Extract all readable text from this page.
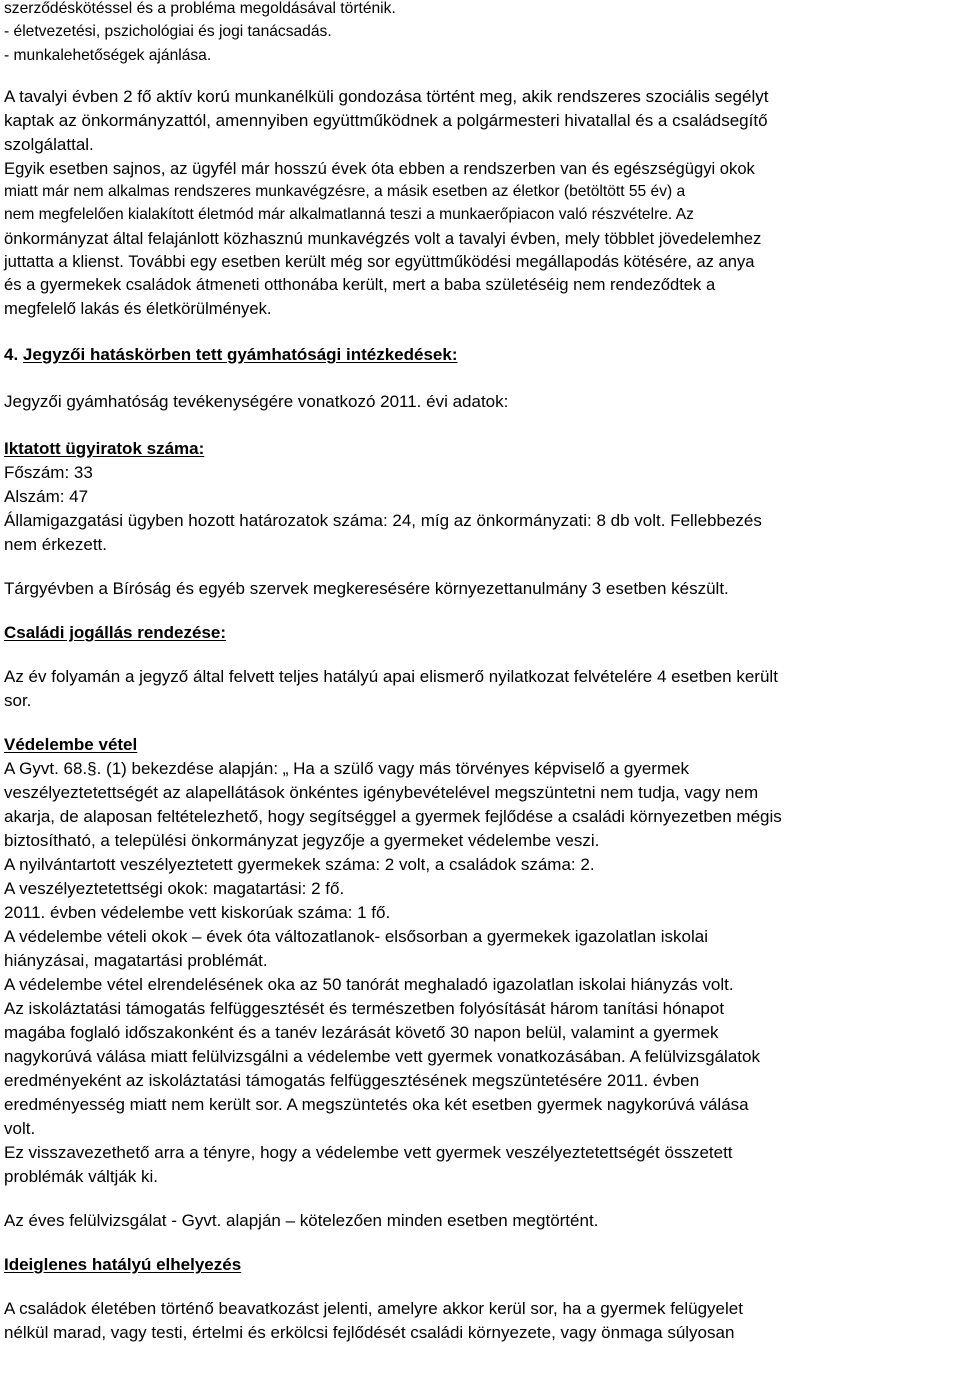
szerződéskötéssel és a probléma megoldásával történik.
- életvezetési, pszichológiai és jogi tanácsadás.
- munkalehetőségek ajánlása.
A tavalyi évben 2 fő aktív korú munkanélküli gondozása történt meg, akik rendszeres szociális segélyt
kaptak az önkormányzattól, amennyiben együttműködnek a polgármesteri hivatallal és a családsegítő
szolgálattal.
Egyik esetben sajnos, az ügyfél már hosszú évek óta ebben a rendszerben van és egészségügyi okok
miatt már nem alkalmas rendszeres munkavégzésre, a másik esetben az életkor (betöltött 55 év) a
nem megfelelően kialakított életmód már alkalmatlanná teszi a munkaerőpiacon való részvételre. Az
önkormányzat által felajánlott közhasznú munkavégzés volt a tavalyi évben, mely többlet jövedelemhez
juttatta a klienst. További egy esetben került még sor együttműködési megállapodás kötésére, az anya
és a gyermekek családok átmeneti otthonába került, mert a baba születéséig nem rendeződtek a
megfelelő lakás és életkörülmények.
4. Jegyzői hatáskörben tett gyámhatósági intézkedések:
Jegyzői gyámhatóság tevékenységére vonatkozó 2011. évi adatok:
Iktatott ügyiratok száma:
Főszám: 33
Alszám: 47
Államigazgatási ügyben hozott határozatok száma: 24, míg az önkormányzati: 8 db volt. Fellebbezés
nem érkezett.
Tárgyévben a Bíróság és egyéb szervek megkeresésére környezettanulmány 3 esetben készült.
Családi jogállás rendezése:
Az év folyamán a jegyző által felvett teljes hatályú apai elismerő nyilatkozat felvételére 4 esetben került
sor.
Védelembe vétel
A Gyvt. 68.§. (1) bekezdése alapján: „ Ha a szülő vagy más törvényes képviselő a gyermek
veszélyeztetettségét az alapellátások önkéntes igénybevételével megszüntetni nem tudja, vagy nem
akarja, de alaposan feltételezhető, hogy segítséggel a gyermek fejlődése a családi környezetben mégis
biztosítható, a települési önkormányzat jegyzője a gyermeket védelembe veszi.
A nyilvántartott veszélyeztetett gyermekek száma: 2 volt, a családok száma: 2.
A veszélyeztetettségi okok: magatartási: 2 fő.
2011. évben védelembe vett kiskorúak száma: 1 fő.
A védelembe vételi okok – évek óta változatlanok- elsősorban a gyermekek igazolatlan iskolai
hiányzásai, magatartási problémát.
A védelembe vétel elrendelésének oka az 50 tanórát meghaladó igazolatlan iskolai hiányzás volt.
Az iskoláztatási támogatás felfüggesztését és természetben folyósítását három tanítási hónapot
magába foglaló időszakonként és a tanév lezárását követő 30 napon belül, valamint a gyermek
nagykorúvá válása miatt felülvizsgálni a védelembe vett gyermek vonatkozásában. A felülvizsgálatok
eredményeként az iskoláztatási támogatás felfüggesztésének megszüntetésére 2011. évben
eredményesség miatt nem került sor. A megszüntetés oka két esetben gyermek nagykorúvá válása
volt.
Ez visszavezethető arra a tényre, hogy a védelembe vett gyermek veszélyeztetettségét összetett
problémák váltják ki.
Az éves felülvizsgálat - Gyvt. alapján – kötelezően minden esetben megtörtént.
Ideiglenes hatályú elhelyezés
A családok életében történő beavatkozást jelenti, amelyre akkor kerül sor, ha a gyermek felügyelet
nélkül marad, vagy testi, értelmi és erkölcsi fejlődését családi környezete, vagy önmaga súlyosan
